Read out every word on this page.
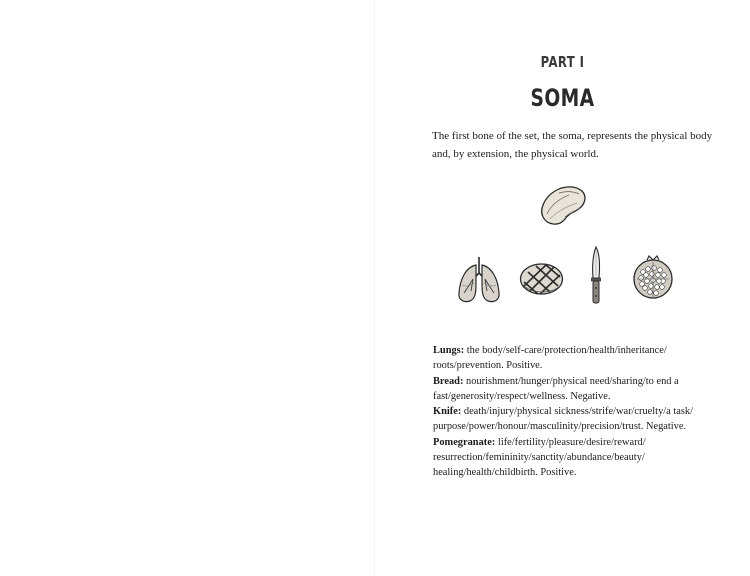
PART I
SOMA
The first bone of the set, the soma, represents the physical body and, by extension, the physical world.

Lungs: the body/self-care/protection/health/inheritance/ roots/prevention. Positive.

Bread: nourishment/hunger/physical need/sharing/to end a fast/generosity/respect/wellness. Negative.

Knife: death/injury/physical sickness/strife/war/cruelty/a task/ purpose/power/honour/masculinity/precision/trust. Negative.

Pomegranate: life/fertility/pleasure/desire/reward/ resurrection/femininity/sanctity/abundance/beauty/ healing/health/childbirth. Positive.
